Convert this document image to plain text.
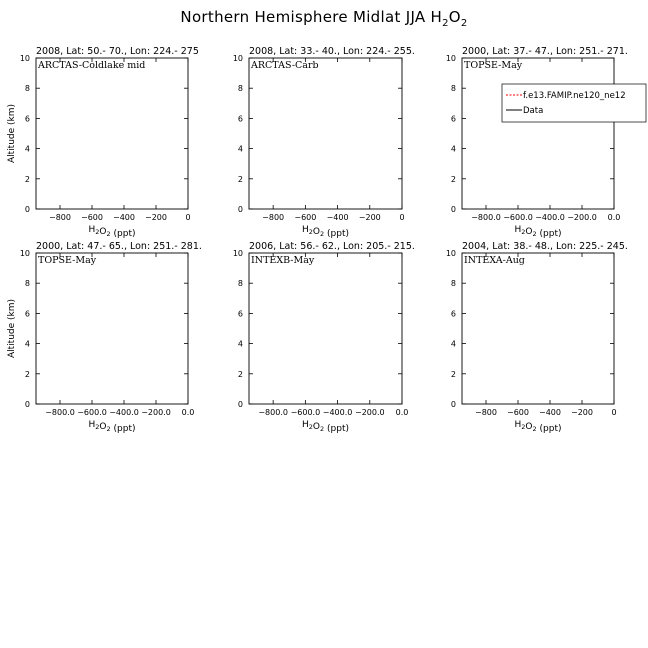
Northern Hemisphere Midlat JJA $H_2O_2$
2008, Lat: 50.- 70., Lon: 224.- 275
ARCTAS-Coldlake mid
−800 −600 −400 −200 0
0
2
4
6
8
10
$H_2O_2$ (ppt)
Altitude (km)
2008, Lat: 33.- 40., Lon: 224.- 255.
ARCTAS-Carb
−800 −600 −400 −200 0
0
2
4
6
8
10
$H_2O_2$ (ppt)
2000, Lat: 37.- 47., Lon: 251.- 271.
TOPSE-May
−800.0 −600.0 −400.0 −200.0 0.0
0
2
4
6
8
10
$H_2O_2$ (ppt)
f.e13.FAMIP.ne120_ne12
Data
2000, Lat: 47.- 65., Lon: 251.- 281.
TOPSE-May
−800.0 −600.0 −400.0 −200.0 0.0
0
2
4
6
8
10
$H_2O_2$ (ppt)
Altitude (km)
2006, Lat: 56.- 62., Lon: 205.- 215.
INTEXB-May
−800.0 −600.0 −400.0 −200.0 0.0
0
2
4
6
8
10
$H_2O_2$ (ppt)
2004, Lat: 38.- 48., Lon: 225.- 245.
INTEXA-Aug
−800 −600 −400 −200 0
0
2
4
6
8
10
$H_2O_2$ (ppt)
